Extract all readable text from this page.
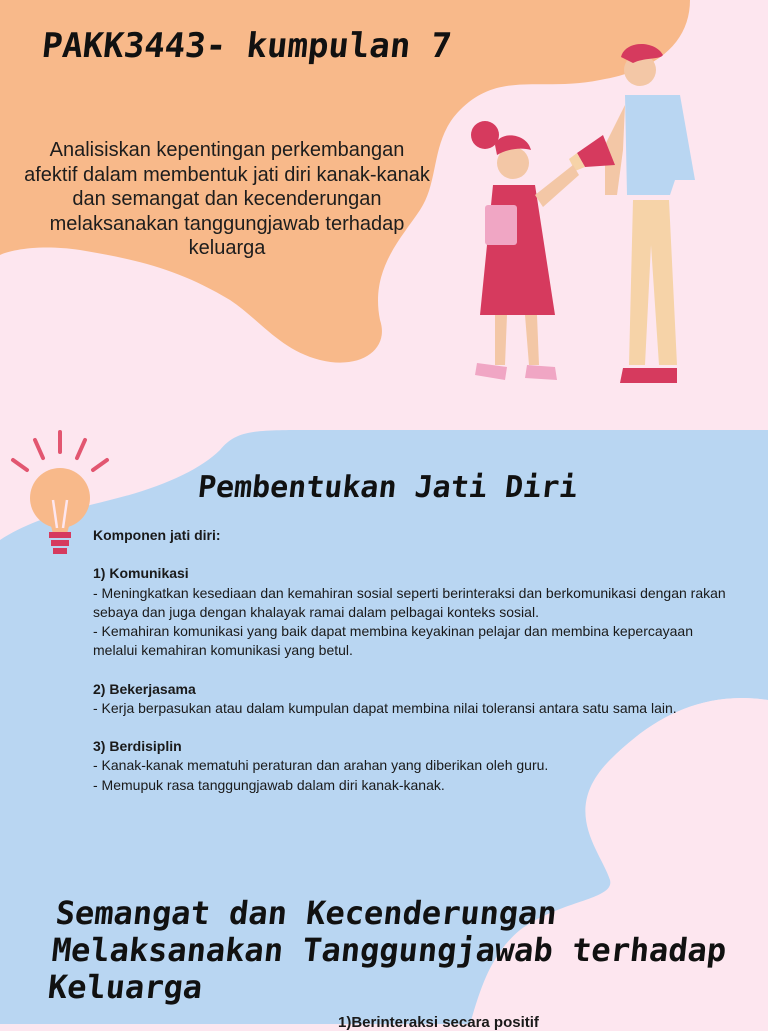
PAKK3443- kumpulan 7
Analisiskan kepentingan perkembangan afektif dalam membentuk jati diri kanak-kanak dan semangat dan kecenderungan melaksanakan tanggungjawab terhadap keluarga
Pembentukan Jati Diri

Komponen jati diri:

1) Komunikasi

- Meningkatkan kesediaan dan kemahiran sosial seperti berinteraksi dan berkomunikasi dengan rakan sebaya dan juga dengan khalayak ramai dalam pelbagai konteks sosial.

- Kemahiran komunikasi yang baik dapat membina keyakinan pelajar dan membina kepercayaan melalui kemahiran komunikasi yang betul.

2) Bekerjasama

- Kerja berpasukan atau dalam kumpulan dapat membina nilai toleransi antara satu sama lain.

3) Berdisiplin

- Kanak-kanak mematuhi peraturan dan arahan yang diberikan oleh guru.

- Memupuk rasa tanggungjawab dalam diri kanak-kanak.

Semangat dan Kecenderungan
Melaksanakan Tanggungjawab terhadap
Keluarga
1)Berinteraksi secara positif
